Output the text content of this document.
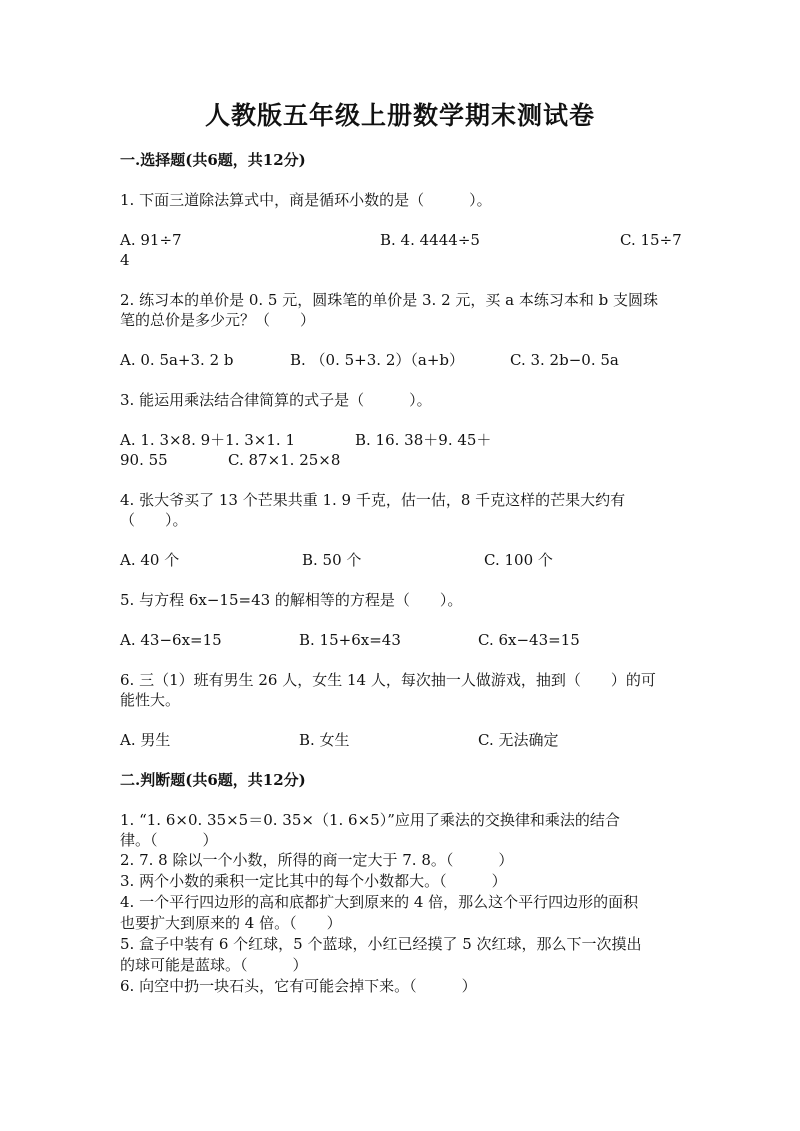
人教版五年级上册数学期末测试卷
一.选择题(共6题，共12分)
1. 下面三道除法算式中，商是循环小数的是（　　　）。
A. 91÷7	B. 4. 4444÷5	C. 15÷7
4
2. 练习本的单价是 0. 5 元，圆珠笔的单价是 3. 2 元，买 a 本练习本和 b 支圆珠
笔的总价是多少元？（　　）
A. 0. 5a+3. 2 b	B. （0. 5+3. 2）（a+b）	C. 3. 2b−0. 5a
3. 能运用乘法结合律简算的式子是（　　　）。
A. 1. 3×8. 9＋1. 3×1. 1	B. 16. 38＋9. 45＋
90. 55	C. 87×1. 25×8
4. 张大爷买了 13 个芒果共重 1. 9 千克，估一估，8 千克这样的芒果大约有
（　　）。
A. 40 个	B. 50 个	C. 100 个
5. 与方程 6x−15=43 的解相等的方程是（　　）。
A. 43−6x=15	B. 15+6x=43	C. 6x−43=15
6. 三（1）班有男生 26 人，女生 14 人，每次抽一人做游戏，抽到（　　）的可
能性大。
A. 男生	B. 女生	C. 无法确定
二.判断题(共6题，共12分)
1. “1. 6×0. 35×5＝0. 35×（1. 6×5）”应用了乘法的交换律和乘法的结合
律。（　　　）
2. 7. 8 除以一个小数，所得的商一定大于 7. 8。（　　　）
3. 两个小数的乘积一定比其中的每个小数都大。（　　　）
4. 一个平行四边形的高和底都扩大到原来的 4 倍，那么这个平行四边形的面积
也要扩大到原来的 4 倍。（　　）
5. 盒子中装有 6 个红球，5 个蓝球，小红已经摸了 5 次红球，那么下一次摸出
的球可能是蓝球。（　　　）
6. 向空中扔一块石头，它有可能会掉下来。（　　　）
